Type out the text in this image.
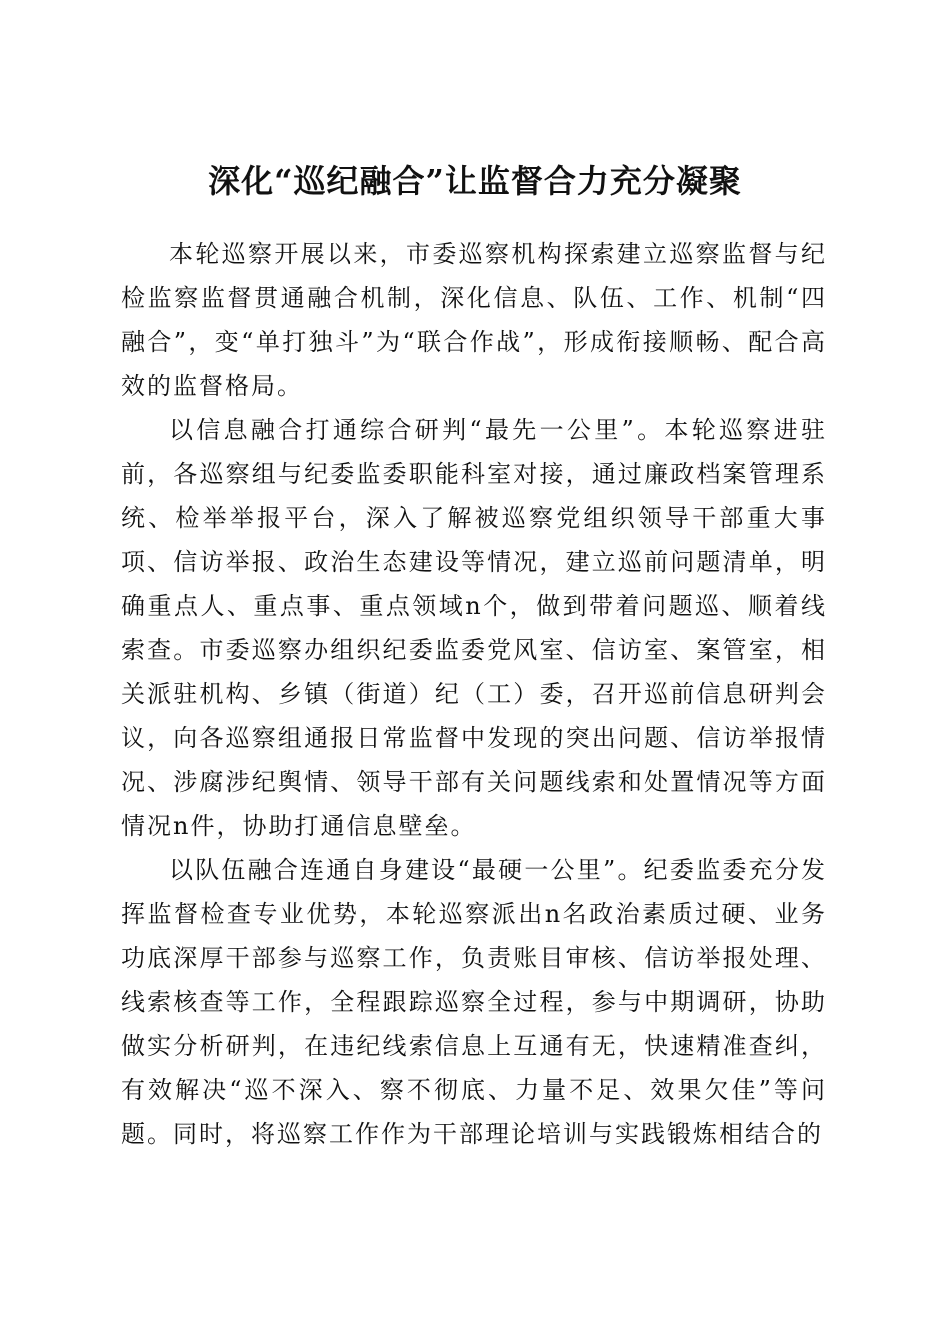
深化“巡纪融合”让监督合力充分凝聚

本轮巡察开展以来，市委巡察机构探索建立巡察监督与纪检监察监督贯通融合机制，深化信息、队伍、工作、机制“四融合”，变“单打独斗”为“联合作战”，形成衔接顺畅、配合高效的监督格局。

以信息融合打通综合研判“最先一公里”。本轮巡察进驻前，各巡察组与纪委监委职能科室对接，通过廉政档案管理系统、检举举报平台，深入了解被巡察党组织领导干部重大事项、信访举报、政治生态建设等情况，建立巡前问题清单，明确重点人、重点事、重点领域n个，做到带着问题巡、顺着线索查。市委巡察办组织纪委监委党风室、信访室、案管室，相关派驻机构、乡镇（街道）纪（工）委，召开巡前信息研判会议，向各巡察组通报日常监督中发现的突出问题、信访举报情况、涉腐涉纪舆情、领导干部有关问题线索和处置情况等方面情况n件，协助打通信息壁垒。

以队伍融合连通自身建设“最硬一公里”。纪委监委充分发挥监督检查专业优势，本轮巡察派出n名政治素质过硬、业务功底深厚干部参与巡察工作，负责账目审核、信访举报处理、线索核查等工作，全程跟踪巡察全过程，参与中期调研，协助做实分析研判，在违纪线索信息上互通有无，快速精准查纠，有效解决“巡不深入、察不彻底、力量不足、效果欠佳”等问题。同时，将巡察工作作为干部理论培训与实践锻炼相结合的
